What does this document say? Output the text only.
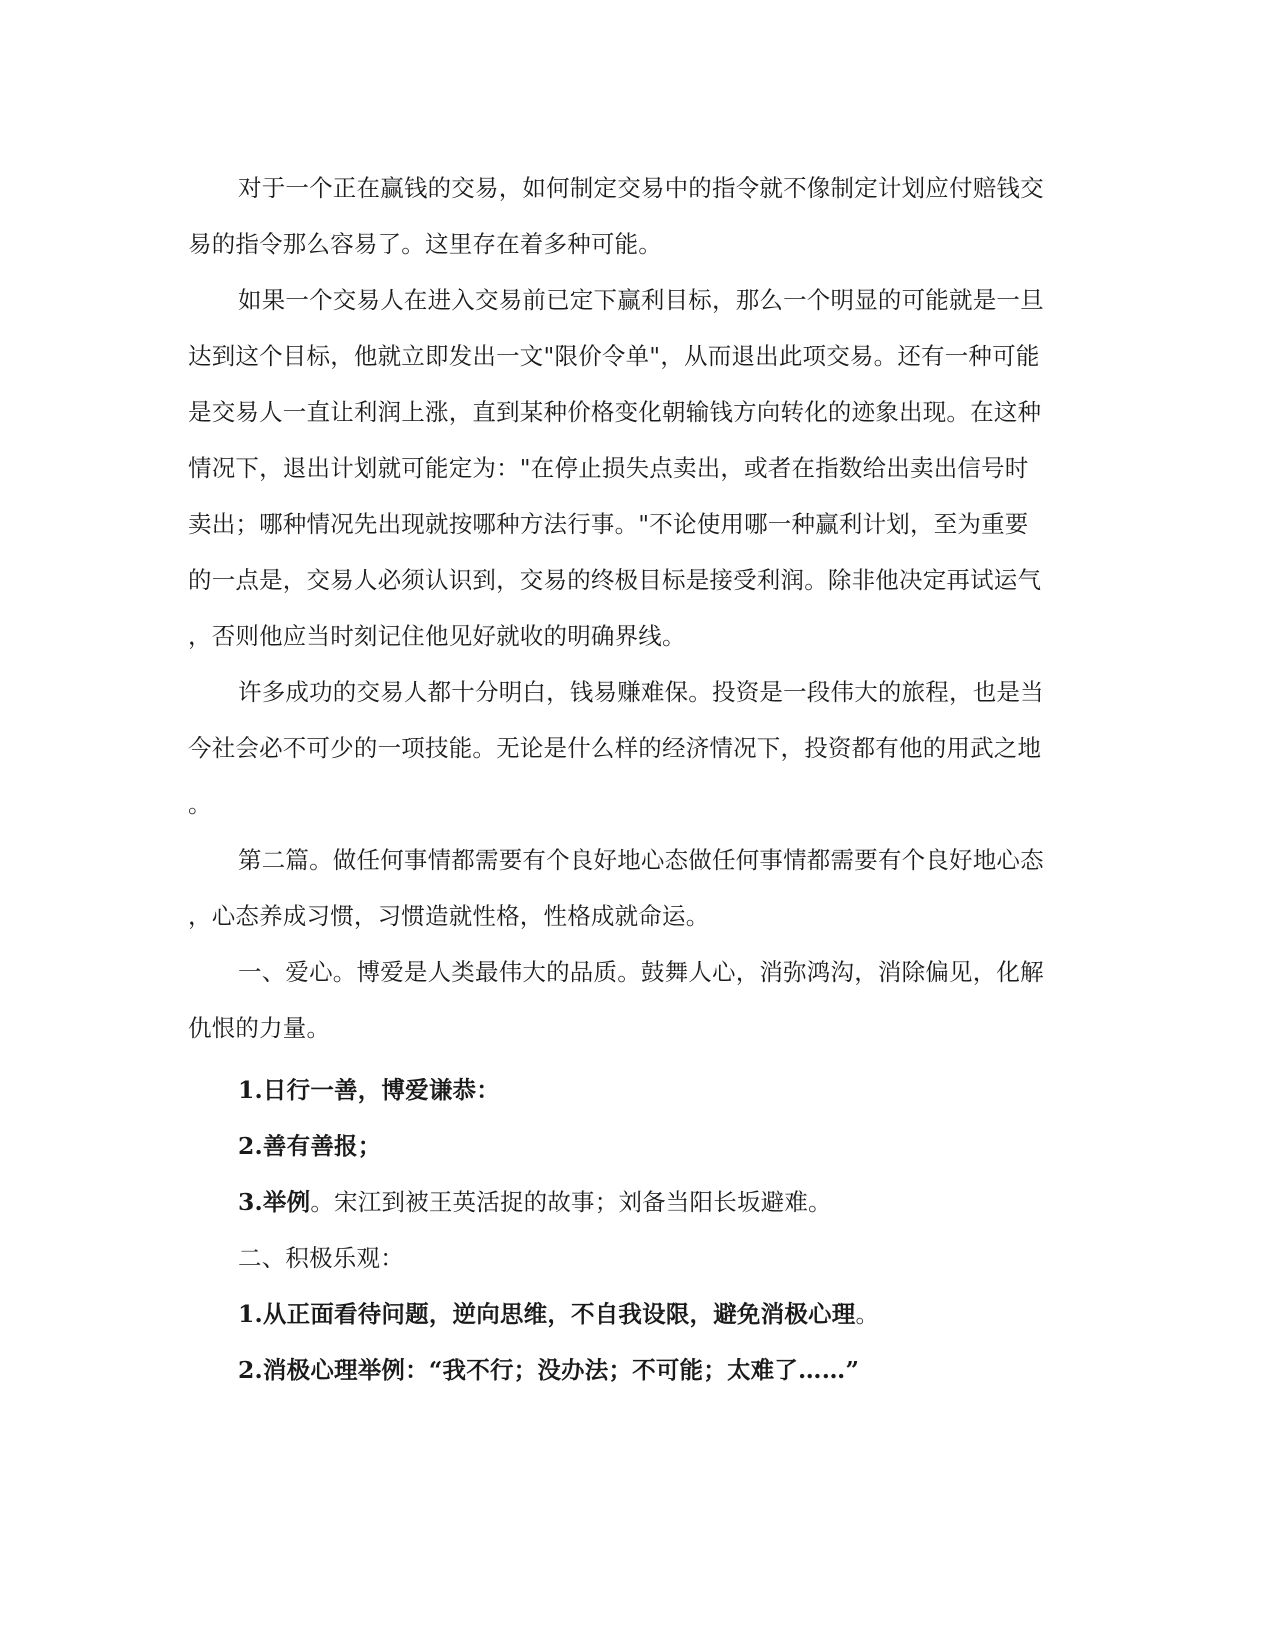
对于一个正在赢钱的交易，如何制定交易中的指令就不像制定计划应付赔钱交
易的指令那么容易了。这里存在着多种可能。
如果一个交易人在进入交易前已定下赢利目标，那么一个明显的可能就是一旦
达到这个目标，他就立即发出一文"限价令单"，从而退出此项交易。还有一种可能
是交易人一直让利润上涨，直到某种价格变化朝输钱方向转化的迹象出现。在这种
情况下，退出计划就可能定为："在停止损失点卖出，或者在指数给出卖出信号时
卖出；哪种情况先出现就按哪种方法行事。"不论使用哪一种赢利计划，至为重要
的一点是，交易人必须认识到，交易的终极目标是接受利润。除非他决定再试运气
，否则他应当时刻记住他见好就收的明确界线。
许多成功的交易人都十分明白，钱易赚难保。投资是一段伟大的旅程，也是当
今社会必不可少的一项技能。无论是什么样的经济情况下，投资都有他的用武之地
。
第二篇。做任何事情都需要有个良好地心态做任何事情都需要有个良好地心态
，心态养成习惯，习惯造就性格，性格成就命运。
一、爱心。博爱是人类最伟大的品质。鼓舞人心，消弥鸿沟，消除偏见，化解
仇恨的力量。
1.日行一善，博爱谦恭：
2.善有善报；
3.举例。宋江到被王英活捉的故事；刘备当阳长坂避难。
二、积极乐观：
1.从正面看待问题，逆向思维，不自我设限，避免消极心理。
2.消极心理举例：“我不行；没办法；不可能；太难了……”
